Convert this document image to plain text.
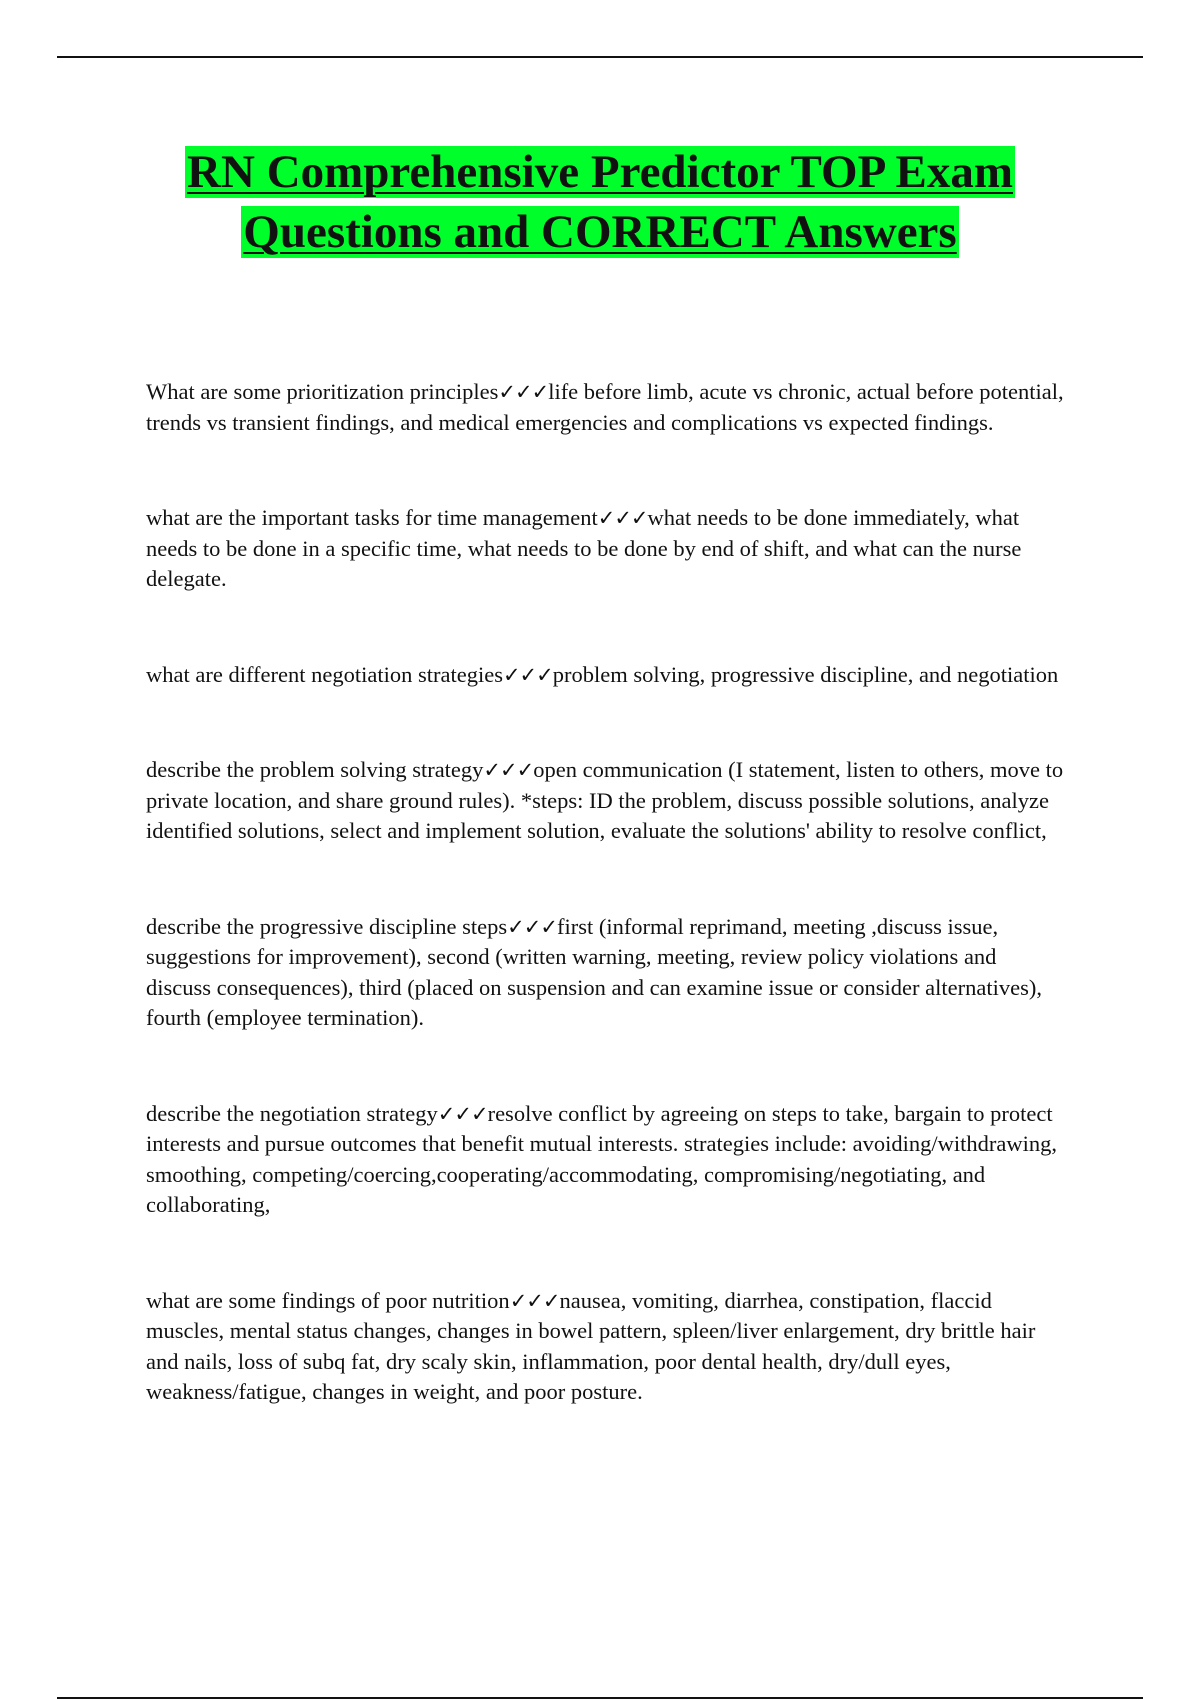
RN Comprehensive Predictor TOP Exam
Questions and CORRECT Answers

What are some prioritization principles✓✓✓life before limb, acute vs chronic, actual before potential, trends vs transient findings, and medical emergencies and complications vs expected findings.

what are the important tasks for time management✓✓✓what needs to be done immediately, what needs to be done in a specific time, what needs to be done by end of shift, and what can the nurse delegate.

what are different negotiation strategies✓✓✓problem solving, progressive discipline, and negotiation

describe the problem solving strategy✓✓✓open communication (I statement, listen to others, move to private location, and share ground rules). *steps: ID the problem, discuss possible solutions, analyze identified solutions, select and implement solution, evaluate the solutions' ability to resolve conflict,

describe the progressive discipline steps✓✓✓first (informal reprimand, meeting ,discuss issue, suggestions for improvement), second (written warning, meeting, review policy violations and discuss consequences), third (placed on suspension and can examine issue or consider alternatives), fourth (employee termination).

describe the negotiation strategy✓✓✓resolve conflict by agreeing on steps to take, bargain to protect interests and pursue outcomes that benefit mutual interests. strategies include: avoiding/withdrawing, smoothing, competing/coercing,cooperating/accommodating, compromising/negotiating, and collaborating,

what are some findings of poor nutrition✓✓✓nausea, vomiting, diarrhea, constipation, flaccid muscles, mental status changes, changes in bowel pattern, spleen/liver enlargement, dry brittle hair and nails, loss of subq fat, dry scaly skin, inflammation, poor dental health, dry/dull eyes, weakness/fatigue, changes in weight, and poor posture.
